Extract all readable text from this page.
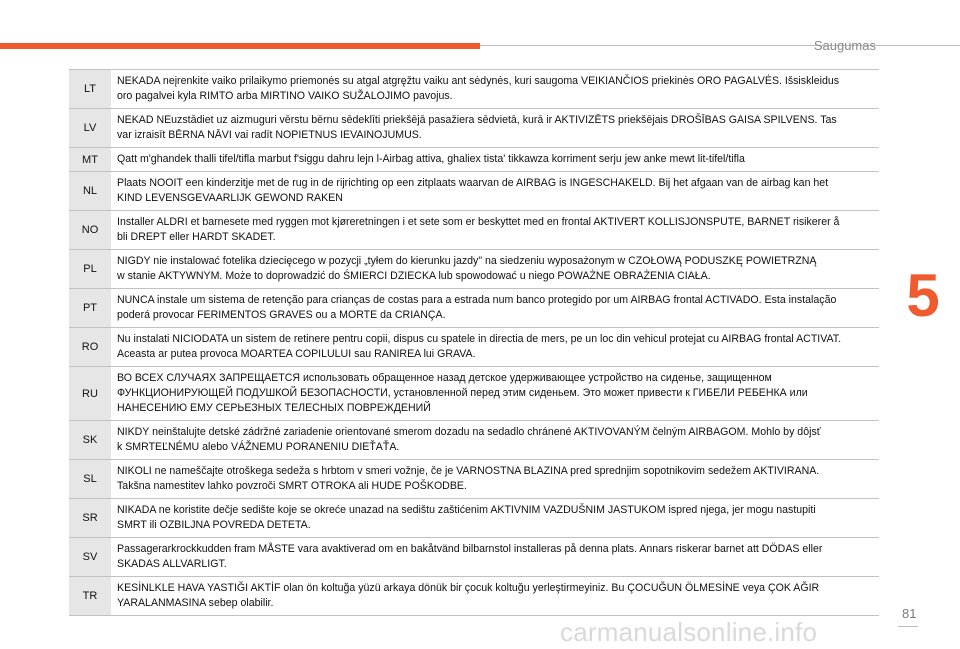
Saugumas
5
LT
NEKADA neįrenkite vaiko prilaikymo priemonės su atgal atgręžtu vaiku ant sėdynės, kuri saugoma VEIKIANČIOS priekinės ORO PAGALVĖS. Išsiskleidus
oro pagalvei kyla RIMTO arba MIRTINO VAIKO SUŽALOJIMO pavojus.
LV
NEKAD NEuzstādiet uz aizmuguri vērstu bērnu sēdeklīti priekšējā pasažiera sēdvietā, kurā ir AKTIVIZĒTS priekšējais DROŠĪBAS GAISA SPILVENS. Tas
var izraisīt BĒRNA NĀVI vai radīt NOPIETNUS IEVAINOJUMUS.
MT	Qatt m'ghandek thalli tifel/tifla marbut f'siggu dahru lejn l-Airbag attiva, ghaliex tista' tikkawza korriment serju jew anke mewt lit-tifel/tifla
NL
Plaats NOOIT een kinderzitje met de rug in de rijrichting op een zitplaats waarvan de AIRBAG is INGESCHAKELD. Bij het afgaan van de airbag kan het
KIND LEVENSGEVAARLIJK GEWOND RAKEN
NO
Installer ALDRI et barnesete med ryggen mot kjøreretningen i et sete som er beskyttet med en frontal AKTIVERT KOLLISJONSPUTE, BARNET risikerer å
bli DREPT eller HARDT SKADET.
PL
NIGDY nie instalować fotelika dziecięcego w pozycji „tyłem do kierunku jazdy" na siedzeniu wyposażonym w CZOŁOWĄ PODUSZKĘ POWIETRZNĄ
w stanie AKTYWNYM. Może to doprowadzić do ŚMIERCI DZIECKA lub spowodować u niego POWAŻNE OBRAŻENIA CIAŁA.
PT
NUNCA instale um sistema de retenção para crianças de costas para a estrada num banco protegido por um AIRBAG frontal ACTIVADO. Esta instalação
poderá provocar FERIMENTOS GRAVES ou a MORTE da CRIANÇA.
RO
Nu instalati NICIODATA un sistem de retinere pentru copii, dispus cu spatele in directia de mers, pe un loc din vehicul protejat cu AIRBAG frontal ACTIVAT.
Aceasta ar putea provoca MOARTEA COPILULUI sau RANIREA lui GRAVA.
RU
ВО ВСЕХ СЛУЧАЯХ ЗАПРЕЩАЕТСЯ использовать обращенное назад детское удерживающее устройство на сиденье, защищенном
ФУНКЦИОНИРУЮЩЕЙ ПОДУШКОЙ БЕЗОПАСНОСТИ, установленной перед этим сиденьем. Это может привести к ГИБЕЛИ РЕБЕНКА или
НАНЕСЕНИЮ ЕМУ СЕРЬЕЗНЫХ ТЕЛЕСНЫХ ПОВРЕЖДЕНИЙ
SK
NIKDY neinštalujte detské zádržné zariadenie orientované smerom dozadu na sedadlo chránené AKTIVOVANÝM čelným AIRBAGOM. Mohlo by dôjsť
k SMRTEĽNÉMU alebo VÁŽNEMU PORANENIU DIEŤAŤA.
SL
NIKOLI ne nameščajte otroškega sedeža s hrbtom v smeri vožnje, če je VARNOSTNA BLAZINA pred sprednjim sopotnikovim sedežem AKTIVIRANA.
Takšna namestitev lahko povzroči SMRT OTROKA ali HUDE POŠKODBE.
SR
NIKADA ne koristite dečje sedište koje se okreće unazad na sedištu zaštićenim AKTIVNIM VAZDUŠNIM JASTUKOM ispred njega, jer mogu nastupiti
SMRT ili OZBILJNA POVREDA DETETA.
SV
Passagerarkrockkudden fram MÅSTE vara avaktiverad om en bakåtvänd bilbarnstol installeras på denna plats. Annars riskerar barnet att DÖDAS eller
SKADAS ALLVARLIGT.
TR
KESİNLKLE HAVA YASTIĞI AKTİF olan ön koltuğa yüzü arkaya dönük bir çocuk koltuğu yerleştirmeyiniz. Bu ÇOCUĞUN ÖLMESİNE veya ÇOK AĞIR
YARALANMASINA sebep olabilir.
carmanualsonline.info
81
